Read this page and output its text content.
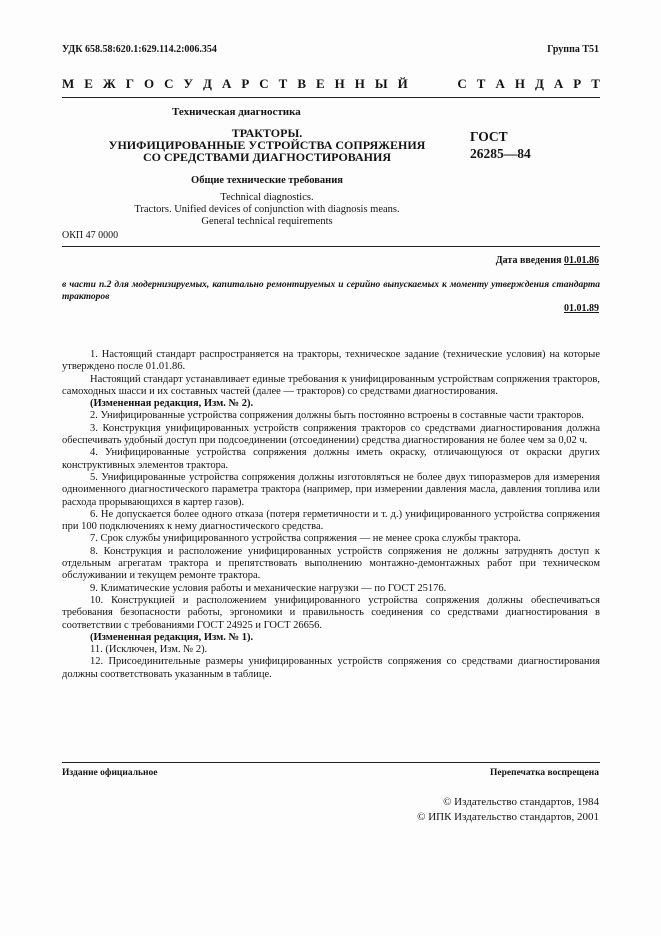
УДК 658.58:620.1:629.114.2:006.354	Группа Т51
М Е Ж Г О С У Д А Р С Т В Е Н Н Ы Й

	С Т А Н Д А Р Т
Техническая диагностика
ТРАКТОРЫ.
УНИФИЦИРОВАННЫЕ УСТРОЙСТВА СОПРЯЖЕНИЯ
СО СРЕДСТВАМИ ДИАГНОСТИРОВАНИЯ
ГОСТ
26285—84
Общие технические требования
Technical diagnostics.
Tractors. Unified devices of conjunction with diagnosis means.
General technical requirements
ОКП 47 0000
Дата введения 01.01.86
в части п.2 для модернизируемых, капитально ремонтируемых и серийно выпускаемых к моменту утверждения стандарта тракторов
01.01.89

1. Настоящий стандарт распространяется на тракторы, техническое задание (технические условия) на которые утверждено после 01.01.86.

Настоящий стандарт устанавливает единые требования к унифицированным устройствам сопряжения тракторов, самоходных шасси и их составных частей (далее — тракторов) со средствами диагностирования.

(Измененная редакция, Изм. № 2).

2. Унифицированные устройства сопряжения должны быть постоянно встроены в составные части тракторов.

3. Конструкция унифицированных устройств сопряжения тракторов со средствами диагностирования должна обеспечивать удобный доступ при подсоединении (отсоединении) средства диагностирования не более чем за 0,02 ч.

4. Унифицированные устройства сопряжения должны иметь окраску, отличающуюся от окраски других конструктивных элементов трактора.

5. Унифицированные устройства сопряжения должны изготовляться не более двух типоразмеров для измерения одноименного диагностического параметра трактора (например, при измерении давления масла, давления топлива или расхода прорывающихся в картер газов).

6. Не допускается более одного отказа (потеря герметичности и т. д.) унифицированного устройства сопряжения при 100 подключениях к нему диагностического средства.

7. Срок службы унифицированного устройства сопряжения — не менее срока службы трактора.

8. Конструкция и расположение унифицированных устройств сопряжения не должны затруднять доступ к отдельным агрегатам трактора и препятствовать выполнению монтажно-демонтажных работ при техническом обслуживании и текущем ремонте трактора.

9. Климатические условия работы и механические нагрузки — по ГОСТ 25176.

10. Конструкцией и расположением унифицированного устройства сопряжения должны обеспечиваться требования безопасности работы, эргономики и правильность соединения со средствами диагностирования в соответствии с требованиями ГОСТ 24925 и ГОСТ 26656.

(Измененная редакция, Изм. № 1).

11. (Исключен, Изм. № 2).

12. Присоединительные размеры унифицированных устройств сопряжения со средствами диагностирования должны соответствовать указанным в таблице.

Издание официальное	Перепечатка воспрещена
© Издательство стандартов, 1984
© ИПК Издательство стандартов, 2001
